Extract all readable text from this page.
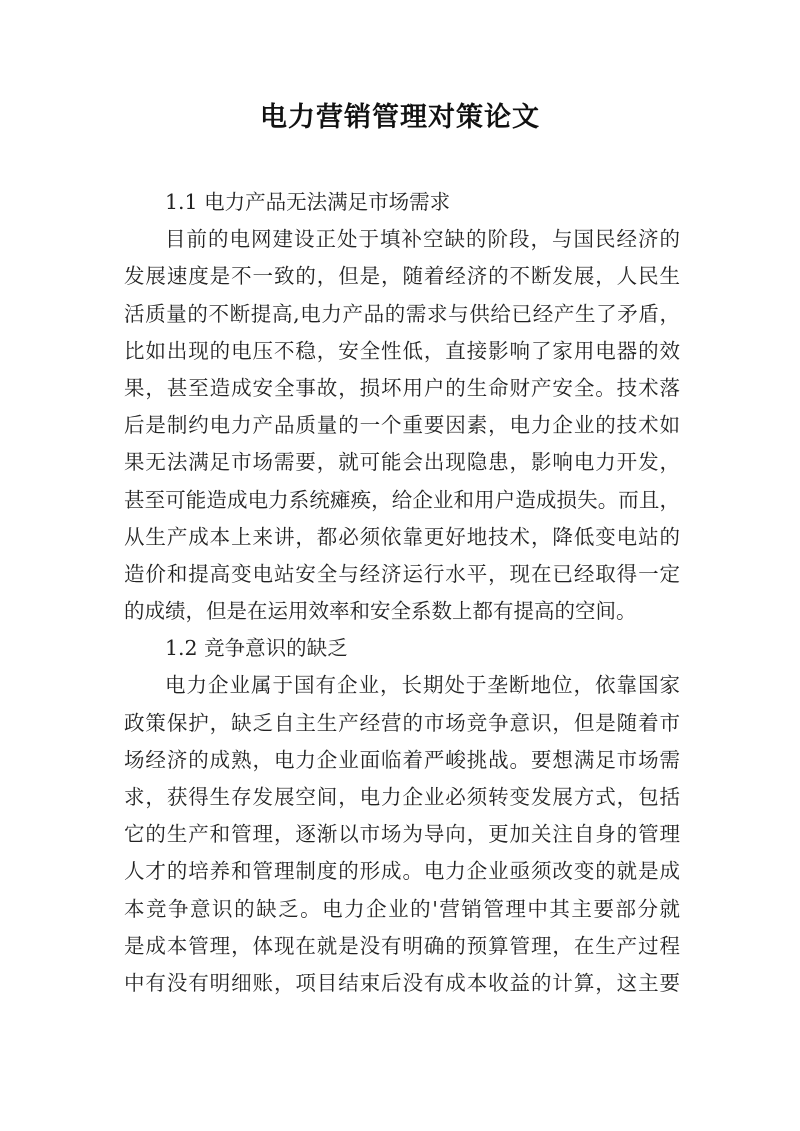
电力营销管理对策论文
1.1 电力产品无法满足市场需求
目前的电网建设正处于填补空缺的阶段，与国民经济的
发展速度是不一致的，但是，随着经济的不断发展，人民生
活质量的不断提高,电力产品的需求与供给已经产生了矛盾，
比如出现的电压不稳，安全性低，直接影响了家用电器的效
果，甚至造成安全事故，损坏用户的生命财产安全。技术落
后是制约电力产品质量的一个重要因素，电力企业的技术如
果无法满足市场需要，就可能会出现隐患，影响电力开发，
甚至可能造成电力系统瘫痪，给企业和用户造成损失。而且，
从生产成本上来讲，都必须依靠更好地技术，降低变电站的
造价和提高变电站安全与经济运行水平，现在已经取得一定
的成绩，但是在运用效率和安全系数上都有提高的空间。
1.2 竞争意识的缺乏
电力企业属于国有企业，长期处于垄断地位，依靠国家
政策保护，缺乏自主生产经营的市场竞争意识，但是随着市
场经济的成熟，电力企业面临着严峻挑战。要想满足市场需
求，获得生存发展空间，电力企业必须转变发展方式，包括
它的生产和管理，逐渐以市场为导向，更加关注自身的管理
人才的培养和管理制度的形成。电力企业亟须改变的就是成
本竞争意识的缺乏。电力企业的'营销管理中其主要部分就
是成本管理，体现在就是没有明确的预算管理，在生产过程
中有没有明细账，项目结束后没有成本收益的计算，这主要
